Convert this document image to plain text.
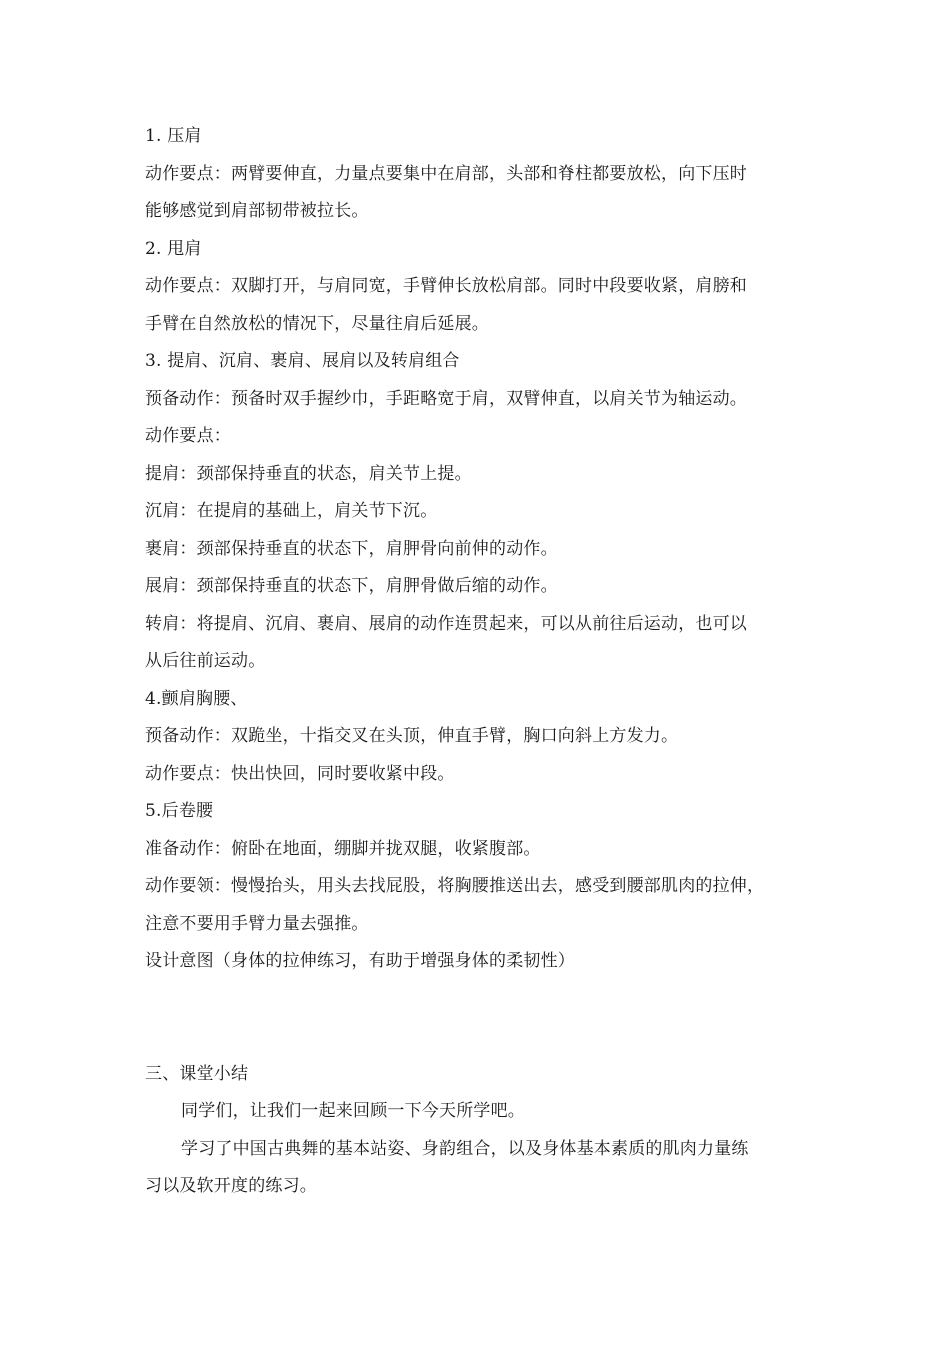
1. 压肩
动作要点：两臂要伸直，力量点要集中在肩部，头部和脊柱都要放松，向下压时
能够感觉到肩部韧带被拉长。
2. 甩肩
动作要点：双脚打开，与肩同宽，手臂伸长放松肩部。同时中段要收紧，肩膀和
手臂在自然放松的情况下，尽量往肩后延展。
3. 提肩、沉肩、裹肩、展肩以及转肩组合
预备动作：预备时双手握纱巾，手距略宽于肩，双臂伸直，以肩关节为轴运动。
动作要点：
提肩：颈部保持垂直的状态，肩关节上提。
沉肩：在提肩的基础上，肩关节下沉。
裹肩：颈部保持垂直的状态下，肩胛骨向前伸的动作。
展肩：颈部保持垂直的状态下，肩胛骨做后缩的动作。
转肩：将提肩、沉肩、裹肩、展肩的动作连贯起来，可以从前往后运动，也可以
从后往前运动。
4.颤肩胸腰、
预备动作：双跪坐，十指交叉在头顶，伸直手臂，胸口向斜上方发力。
动作要点：快出快回，同时要收紧中段。
5.后卷腰
准备动作：俯卧在地面，绷脚并拢双腿，收紧腹部。
动作要领：慢慢抬头，用头去找屁股，将胸腰推送出去，感受到腰部肌肉的拉伸，
注意不要用手臂力量去强推。
设计意图（身体的拉伸练习，有助于增强身体的柔韧性）
三、课堂小结
同学们，让我们一起来回顾一下今天所学吧。
学习了中国古典舞的基本站姿、身韵组合，以及身体基本素质的肌肉力量练
习以及软开度的练习。
